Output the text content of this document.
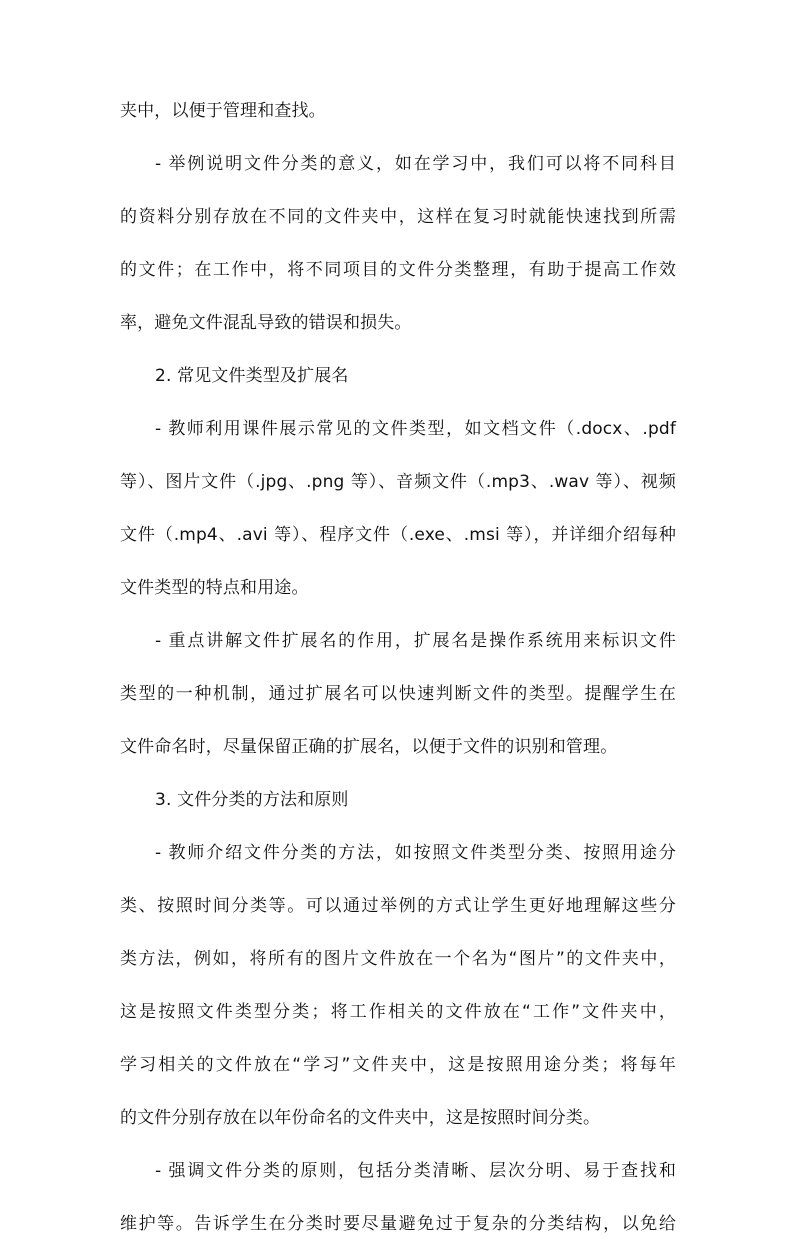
夹中，以便于管理和查找。
- 举例说明文件分类的意义，如在学习中，我们可以将不同科目
的资料分别存放在不同的文件夹中，这样在复习时就能快速找到所需
的文件；在工作中，将不同项目的文件分类整理，有助于提高工作效
率，避免文件混乱导致的错误和损失。
2. 常见文件类型及扩展名
- 教师利用课件展示常见的文件类型，如文档文件（.docx、.pdf
等）、图片文件（.jpg、.png 等）、音频文件（.mp3、.wav 等）、视频
文件（.mp4、.avi 等）、程序文件（.exe、.msi 等），并详细介绍每种
文件类型的特点和用途。
- 重点讲解文件扩展名的作用，扩展名是操作系统用来标识文件
类型的一种机制，通过扩展名可以快速判断文件的类型。提醒学生在
文件命名时，尽量保留正确的扩展名，以便于文件的识别和管理。
3. 文件分类的方法和原则
- 教师介绍文件分类的方法，如按照文件类型分类、按照用途分
类、按照时间分类等。可以通过举例的方式让学生更好地理解这些分
类方法，例如，将所有的图片文件放在一个名为“图片”的文件夹中，
这是按照文件类型分类；将工作相关的文件放在“工作”文件夹中，
学习相关的文件放在“学习”文件夹中，这是按照用途分类；将每年
的文件分别存放在以年份命名的文件夹中，这是按照时间分类。
- 强调文件分类的原则，包括分类清晰、层次分明、易于查找和
维护等。告诉学生在分类时要尽量避免过于复杂的分类结构，以免给
